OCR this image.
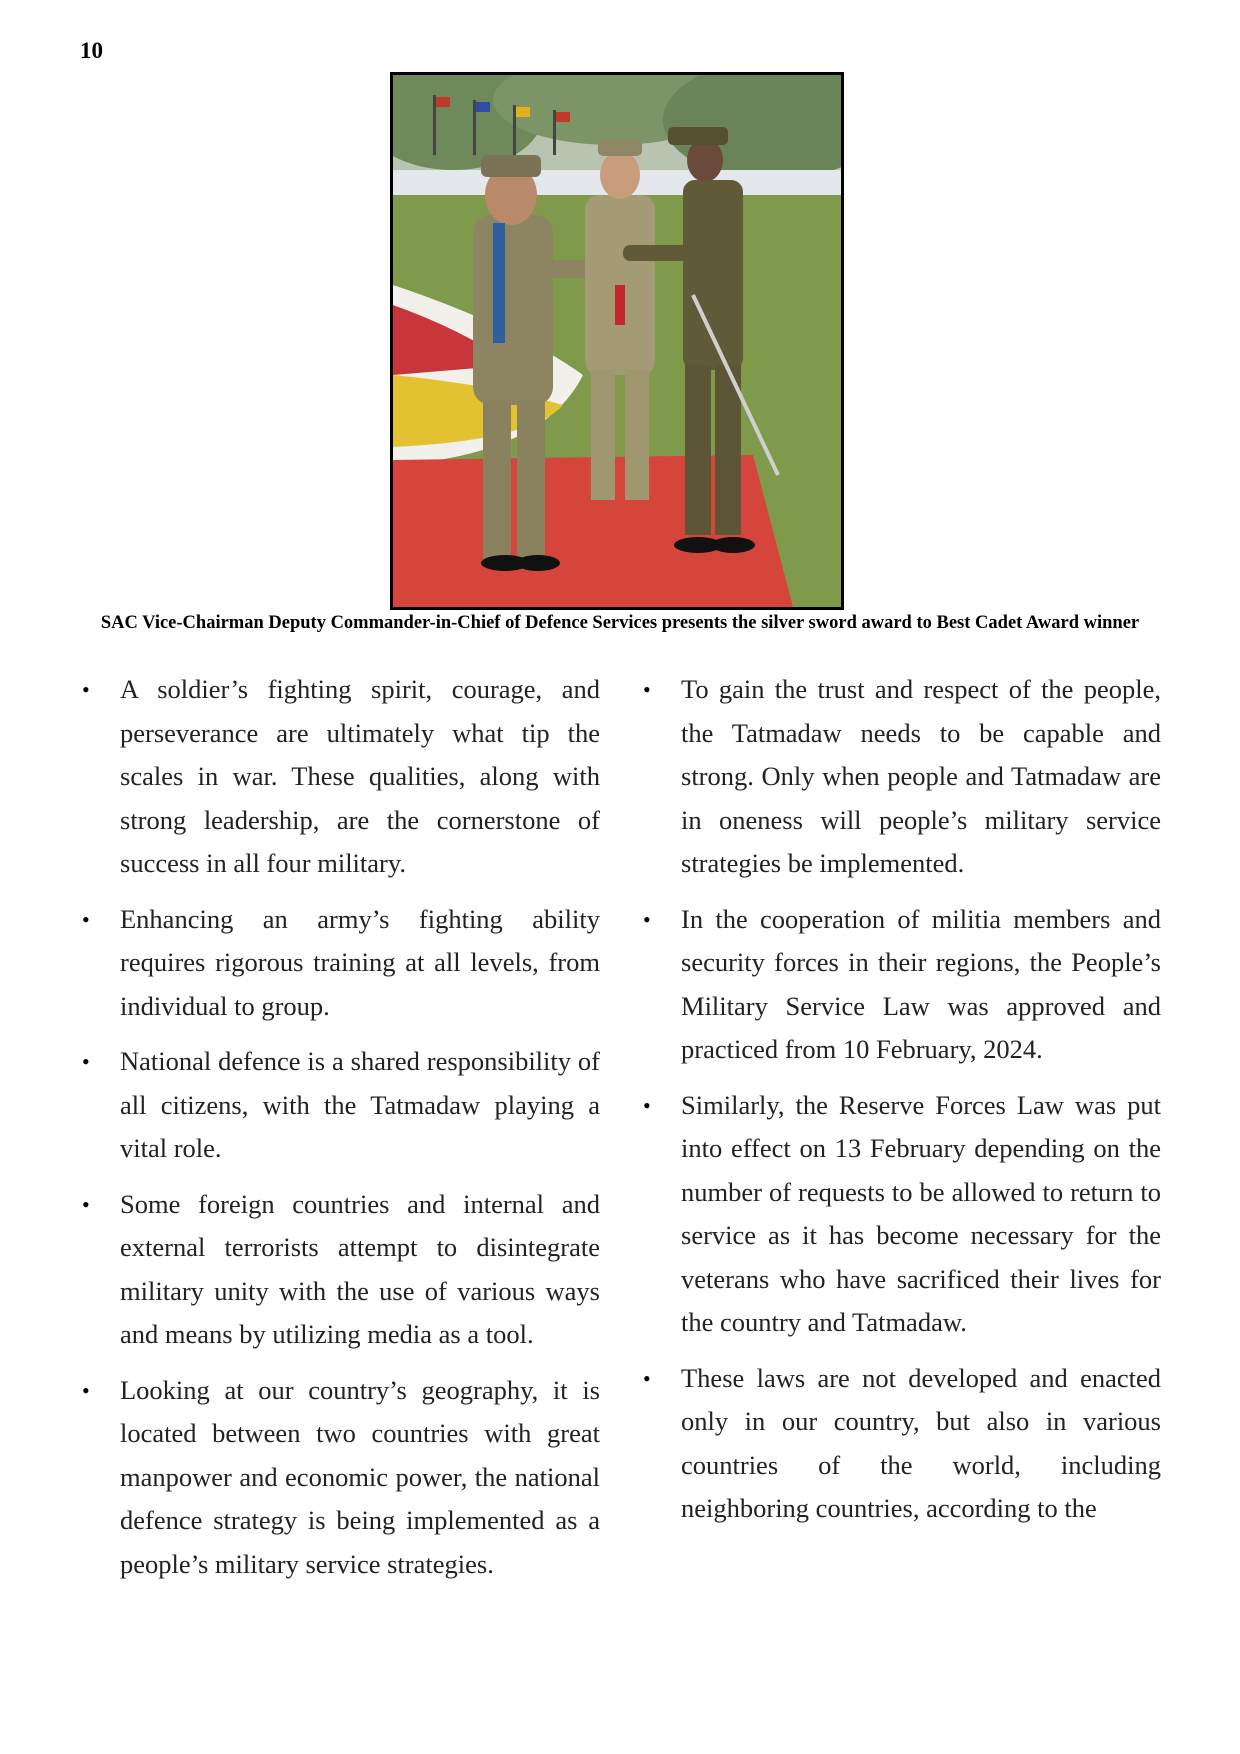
10
SAC Vice-Chairman Deputy Commander-in-Chief of Defence Services presents the silver sword award to Best Cadet Award winner
• A soldier’s fighting spirit, courage, and perseverance are ultimately what tip the scales in war. These qualities, along with strong leadership, are the cornerstone of success in all four military.
• Enhancing an army’s fighting ability requires rigorous training at all levels, from individual to group.
• National defence is a shared responsibility of all citizens, with the Tatmadaw playing a vital role.
• Some foreign countries and internal and external terrorists attempt to disintegrate military unity with the use of various ways and means by utilizing media as a tool.
• Looking at our country’s geography, it is located between two countries with great manpower and economic power, the national defence strategy is being implemented as a people’s military service strategies.
• To gain the trust and respect of the people, the Tatmadaw needs to be capable and strong. Only when people and Tatmadaw are in oneness will people’s military service strategies be implemented.
• In the cooperation of militia members and security forces in their regions, the People’s Military Service Law was approved and practiced from 10 February, 2024.
• Similarly, the Reserve Forces Law was put into effect on 13 February depending on the number of requests to be allowed to return to service as it has become necessary for the veterans who have sacrificed their lives for the country and Tatmadaw.
• These laws are not developed and enacted only in our country, but also in various countries of the world, including neighboring countries, according to the
